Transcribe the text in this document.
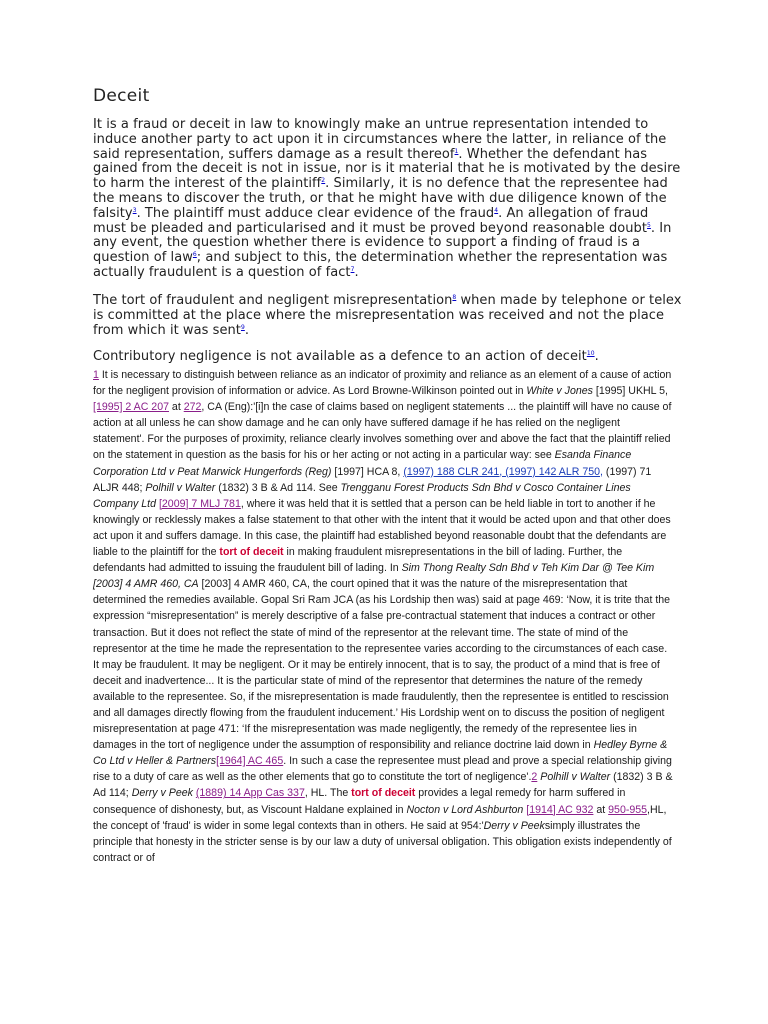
Deceit
It is a fraud or deceit in law to knowingly make an untrue representation intended to induce another party to act upon it in circumstances where the latter, in reliance of the said representation, suffers damage as a result thereof$^1$. Whether the defendant has gained from the deceit is not in issue, nor is it material that he is motivated by the desire to harm the interest of the plaintiff$^2$. Similarly, it is no defence that the representee had the means to discover the truth, or that he might have with due diligence known of the falsity$^3$. The plaintiff must adduce clear evidence of the fraud$^4$. An allegation of fraud must be pleaded and particularised and it must be proved beyond reasonable doubt$^5$. In any event, the question whether there is evidence to support a finding of fraud is a question of law$^6$; and subject to this, the determination whether the representation was actually fraudulent is a question of fact$^7$.
The tort of fraudulent and negligent misrepresentation$^8$ when made by telephone or telex is committed at the place where the misrepresentation was received and not the place from which it was sent$^9$.
Contributory negligence is not available as a defence to an action of deceit$^{10}$.
1 It is necessary to distinguish between reliance as an indicator of proximity and reliance as an element of a cause of action for the negligent provision of information or advice. As Lord Browne-Wilkinson pointed out in White v Jones [1995] UKHL 5, [1995] 2 AC 207 at 272, CA (Eng):'[i]n the case of claims based on negligent statements ... the plaintiff will have no cause of action at all unless he can show damage and he can only have suffered damage if he has relied on the negligent statement'. For the purposes of proximity, reliance clearly involves something over and above the fact that the plaintiff relied on the statement in question as the basis for his or her acting or not acting in a particular way: see Esanda Finance Corporation Ltd v Peat Marwick Hungerfords (Reg) [1997] HCA 8, (1997) 188 CLR 241, (1997) 142 ALR 750, (1997) 71 ALJR 448; Polhill v Walter (1832) 3 B & Ad 114. See Trengganu Forest Products Sdn Bhd v Cosco Container Lines Company Ltd [2009] 7 MLJ 781, where it was held that it is settled that a person can be held liable in tort to another if he knowingly or recklessly makes a false statement to that other with the intent that it would be acted upon and that other does act upon it and suffers damage. In this case, the plaintiff had established beyond reasonable doubt that the defendants are liable to the plaintiff for the tort of deceit in making fraudulent misrepresentations in the bill of lading. Further, the defendants had admitted to issuing the fraudulent bill of lading. In Sim Thong Realty Sdn Bhd v Teh Kim Dar @ Tee Kim [2003] 4 AMR 460, CA [2003] 4 AMR 460, CA, the court opined that it was the nature of the misrepresentation that determined the remedies available. Gopal Sri Ram JCA (as his Lordship then was) said at page 469: ‘Now, it is trite that the expression “misrepresentation” is merely descriptive of a false pre-contractual statement that induces a contract or other transaction. But it does not reflect the state of mind of the representor at the relevant time. The state of mind of the representor at the time he made the representation to the representee varies according to the circumstances of each case. It may be fraudulent. It may be negligent. Or it may be entirely innocent, that is to say, the product of a mind that is free of deceit and inadvertence... It is the particular state of mind of the representor that determines the nature of the remedy available to the representee. So, if the misrepresentation is made fraudulently, then the representee is entitled to rescission and all damages directly flowing from the fraudulent inducement.’ His Lordship went on to discuss the position of negligent misrepresentation at page 471: ‘If the misrepresentation was made negligently, the remedy of the representee lies in damages in the tort of negligence under the assumption of responsibility and reliance doctrine laid down in Hedley Byrne & Co Ltd v Heller & Partners[1964] AC 465. In such a case the representee must plead and prove a special relationship giving rise to a duty of care as well as the other elements that go to constitute the tort of negligence'.2 Polhill v Walter (1832) 3 B & Ad 114; Derry v Peek (1889) 14 App Cas 337, HL. The tort of deceit provides a legal remedy for harm suffered in consequence of dishonesty, but, as Viscount Haldane explained in Nocton v Lord Ashburton [1914] AC 932 at 950-955,HL, the concept of 'fraud' is wider in some legal contexts than in others. He said at 954:'Derry v Peeksimply illustrates the principle that honesty in the stricter sense is by our law a duty of universal obligation. This obligation exists independently of contract or of
